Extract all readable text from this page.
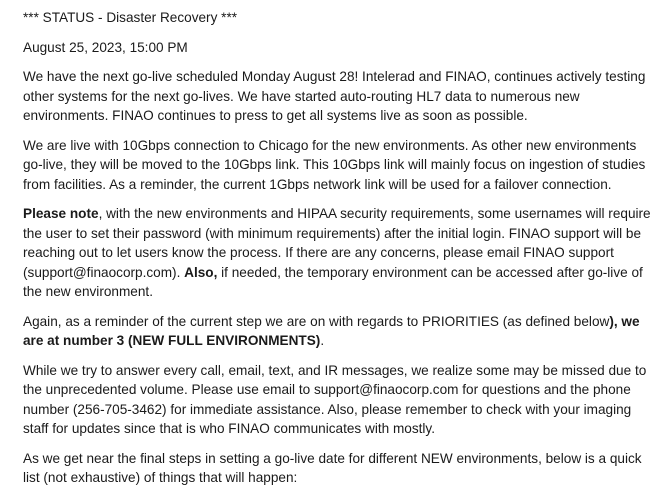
*** STATUS - Disaster Recovery ***

August 25, 2023, 15:00 PM

We have the next go-live scheduled Monday August 28! Intelerad and FINAO, continues actively testing other systems for the next go-lives. We have started auto-routing HL7 data to numerous new environments. FINAO continues to press to get all systems live as soon as possible.

We are live with 10Gbps connection to Chicago for the new environments. As other new environments go-live, they will be moved to the 10Gbps link. This 10Gbps link will mainly focus on ingestion of studies from facilities. As a reminder, the current 1Gbps network link will be used for a failover connection.

Please note, with the new environments and HIPAA security requirements, some usernames will require the user to set their password (with minimum requirements) after the initial login. FINAO support will be reaching out to let users know the process. If there are any concerns, please email FINAO support (support@finaocorp.com). Also, if needed, the temporary environment can be accessed after go-live of the new environment.

Again, as a reminder of the current step we are on with regards to PRIORITIES (as defined below), we are at number 3 (NEW FULL ENVIRONMENTS).

While we try to answer every call, email, text, and IR messages, we realize some may be missed due to the unprecedented volume. Please use email to support@finaocorp.com for questions and the phone number (256-705-3462) for immediate assistance. Also, please remember to check with your imaging staff for updates since that is who FINAO communicates with mostly.

As we get near the final steps in setting a go-live date for different NEW environments, below is a quick list (not exhaustive) of things that will happen:
